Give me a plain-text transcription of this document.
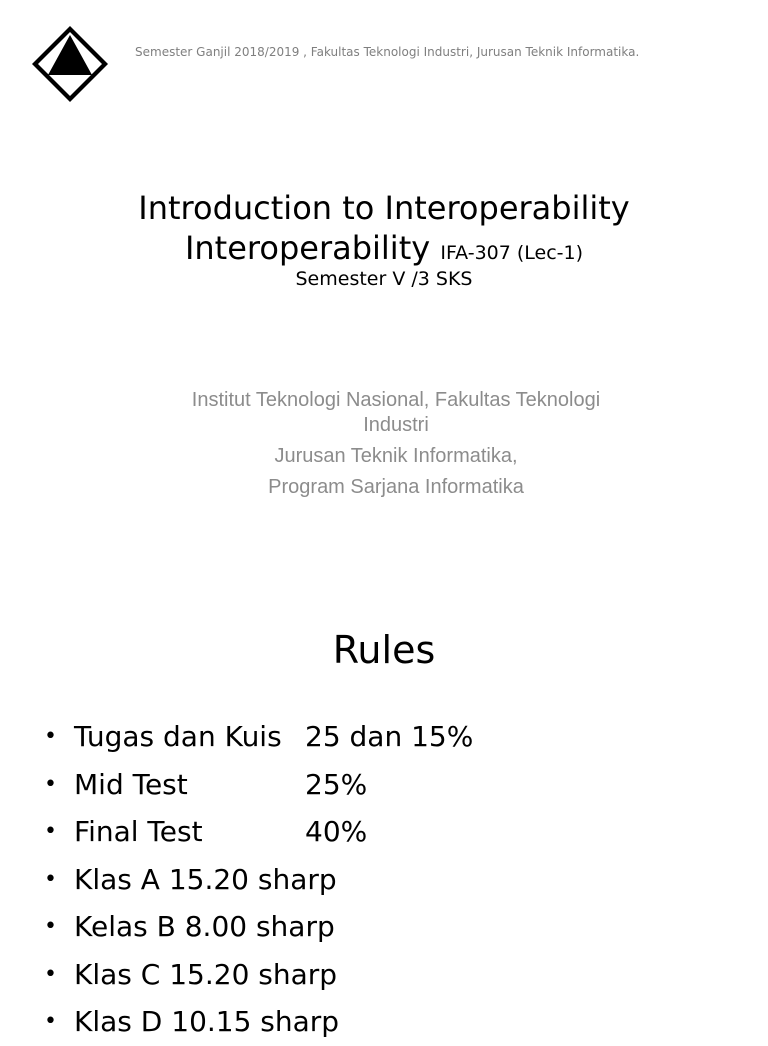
Semester Ganjil 2018/2019 , Fakultas Teknologi Industri, Jurusan Teknik Informatika.
Introduction to Interoperability
Interoperability IFA-307 (Lec-1)
Semester V /3 SKS
Institut Teknologi Nasional, Fakultas Teknologi
Industri
Jurusan Teknik Informatika,
Program Sarjana Informatika
Rules
• Tugas dan Kuis 25 dan 15%
• Mid Test	25%
• Final Test	40%
• Klas A 15.20 sharp
• Kelas B 8.00 sharp
• Klas C 15.20 sharp
• Klas D 10.15 sharp
